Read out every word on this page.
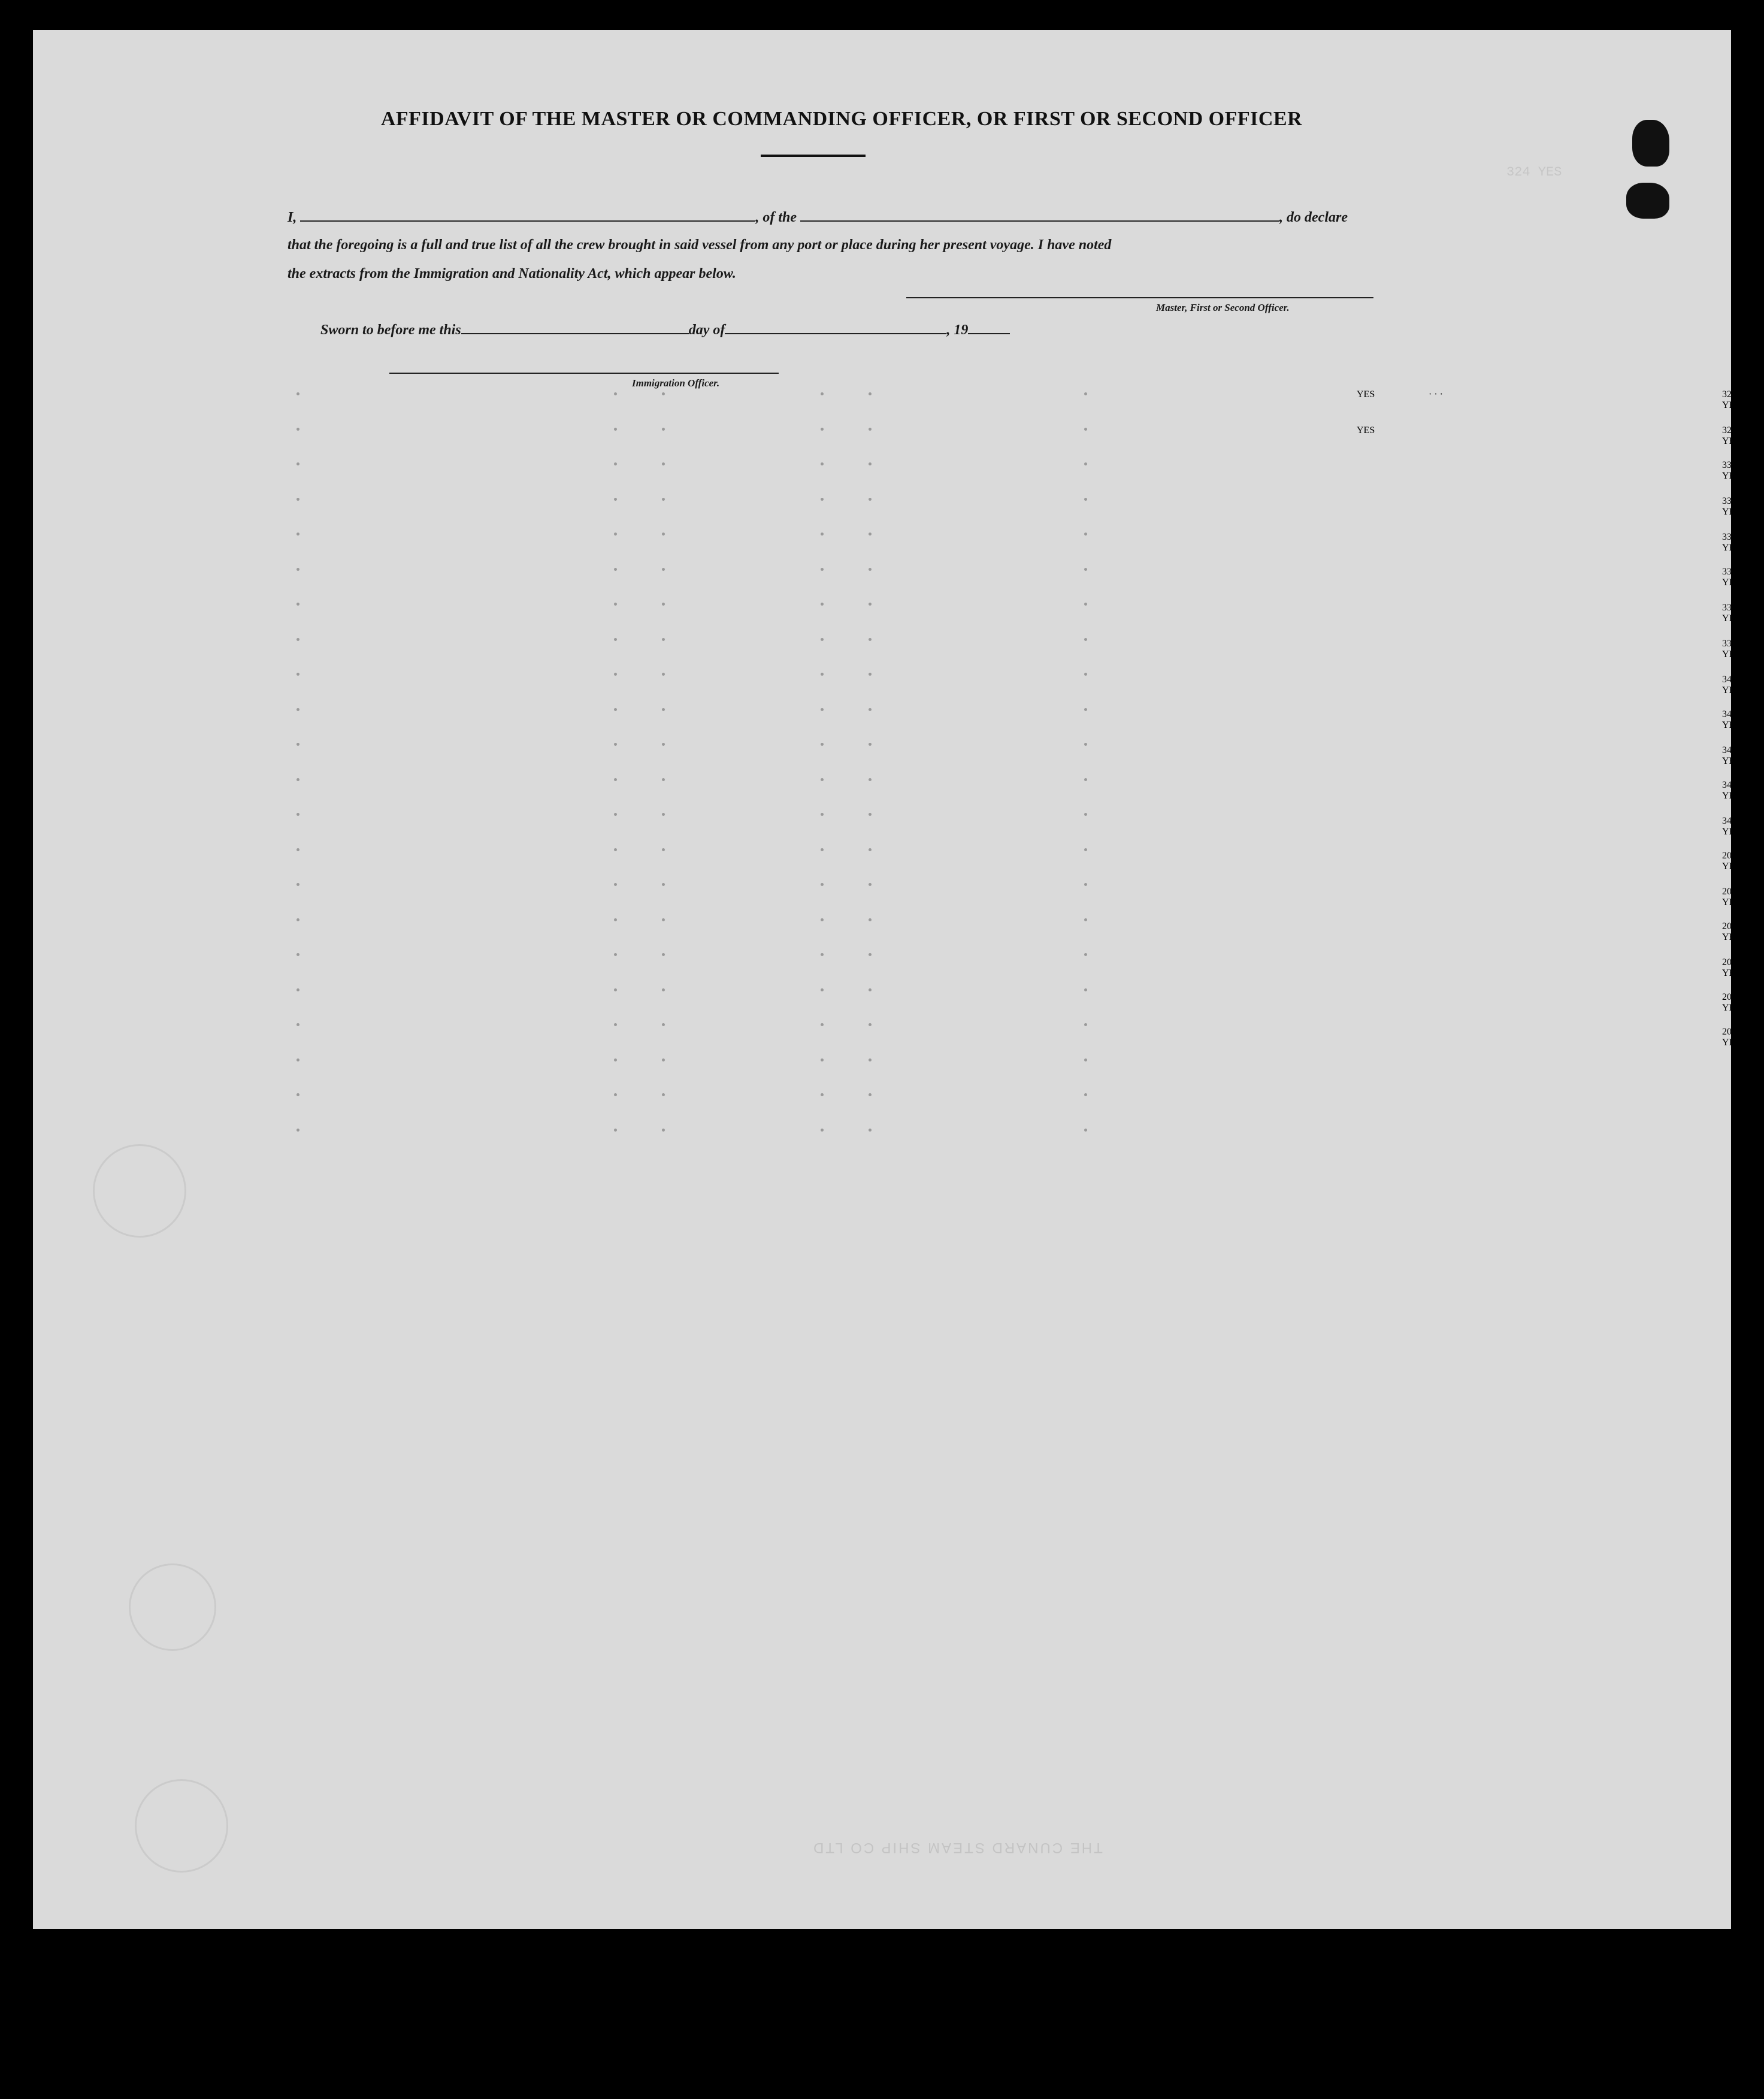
324 YES
YES	· · ·	327 YES
YES	329 YES
331 YES
332 YES
334 YES
336 YES
338 YES
339 YES
340 YES
341 YES
344 YES
346 YES
347 YES
201 YES
202 YES
203 YES
204 YES
206 YES
207 YES
THE CUNARD STEAM SHIP CO LTD
AFFIDAVIT OF THE MASTER OR COMMANDING OFFICER, OR FIRST OR SECOND OFFICER
I,	, of the	, do declare
that the foregoing is a full and true list of all the crew brought in said vessel from any port or place during her present voyage. I have noted
the extracts from the Immigration and Nationality Act, which appear below.
Master, First or Second Officer.
Sworn to before me this	day of	, 19
Immigration Officer.
